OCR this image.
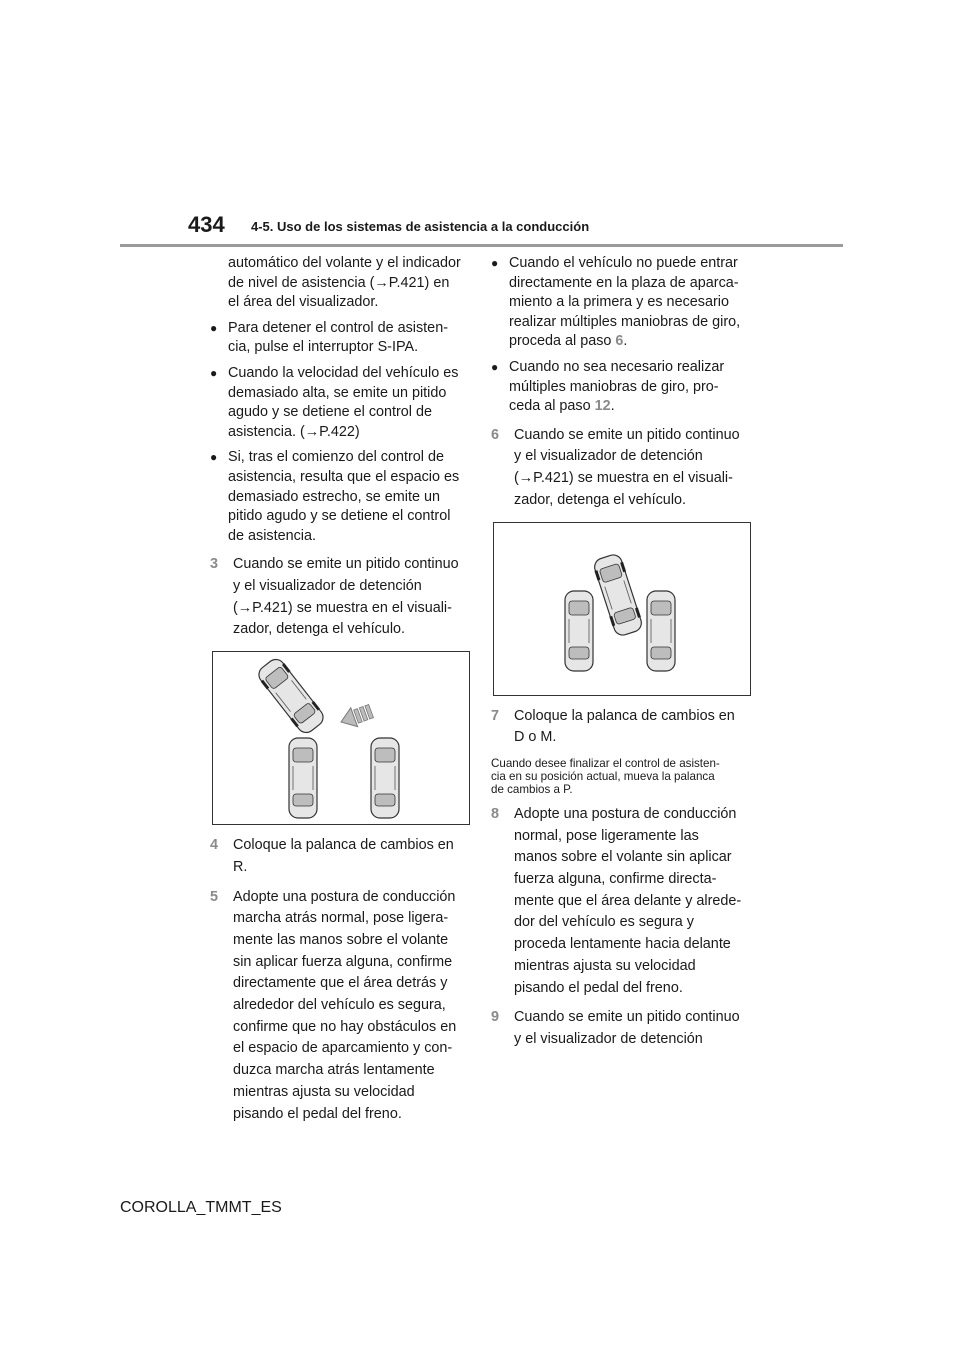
434 4-5. Uso de los sistemas de asistencia a la conducción
automático del volante y el indicador
de nivel de asistencia (→P.421) en
el área del visualizador.
● Para detener el control de asisten-
cia, pulse el interruptor S-IPA.
● Cuando la velocidad del vehículo es
demasiado alta, se emite un pitido
agudo y se detiene el control de
asistencia. (→P.422)
● Si, tras el comienzo del control de
asistencia, resulta que el espacio es
demasiado estrecho, se emite un
pitido agudo y se detiene el control
de asistencia.
3 Cuando se emite un pitido continuo
y el visualizador de detención
(→P.421) se muestra en el visuali-
zador, detenga el vehículo.
4 Coloque la palanca de cambios en
R.
5 Adopte una postura de conducción
marcha atrás normal, pose ligera-
mente las manos sobre el volante
sin aplicar fuerza alguna, confirme
directamente que el área detrás y
alrededor del vehículo es segura,
confirme que no hay obstáculos en
el espacio de aparcamiento y con-
duzca marcha atrás lentamente
mientras ajusta su velocidad
pisando el pedal del freno.
● Cuando el vehículo no puede entrar
directamente en la plaza de aparca-
miento a la primera y es necesario
realizar múltiples maniobras de giro,
proceda al paso 6.
● Cuando no sea necesario realizar
múltiples maniobras de giro, pro-
ceda al paso 12.
6 Cuando se emite un pitido continuo
y el visualizador de detención
(→P.421) se muestra en el visuali-
zador, detenga el vehículo.
7 Coloque la palanca de cambios en
D o M.
Cuando desee finalizar el control de asisten-
cia en su posición actual, mueva la palanca
de cambios a P.
8 Adopte una postura de conducción
normal, pose ligeramente las
manos sobre el volante sin aplicar
fuerza alguna, confirme directa-
mente que el área delante y alrede-
dor del vehículo es segura y
proceda lentamente hacia delante
mientras ajusta su velocidad
pisando el pedal del freno.
9 Cuando se emite un pitido continuo
y el visualizador de detención
COROLLA_TMMT_ES
